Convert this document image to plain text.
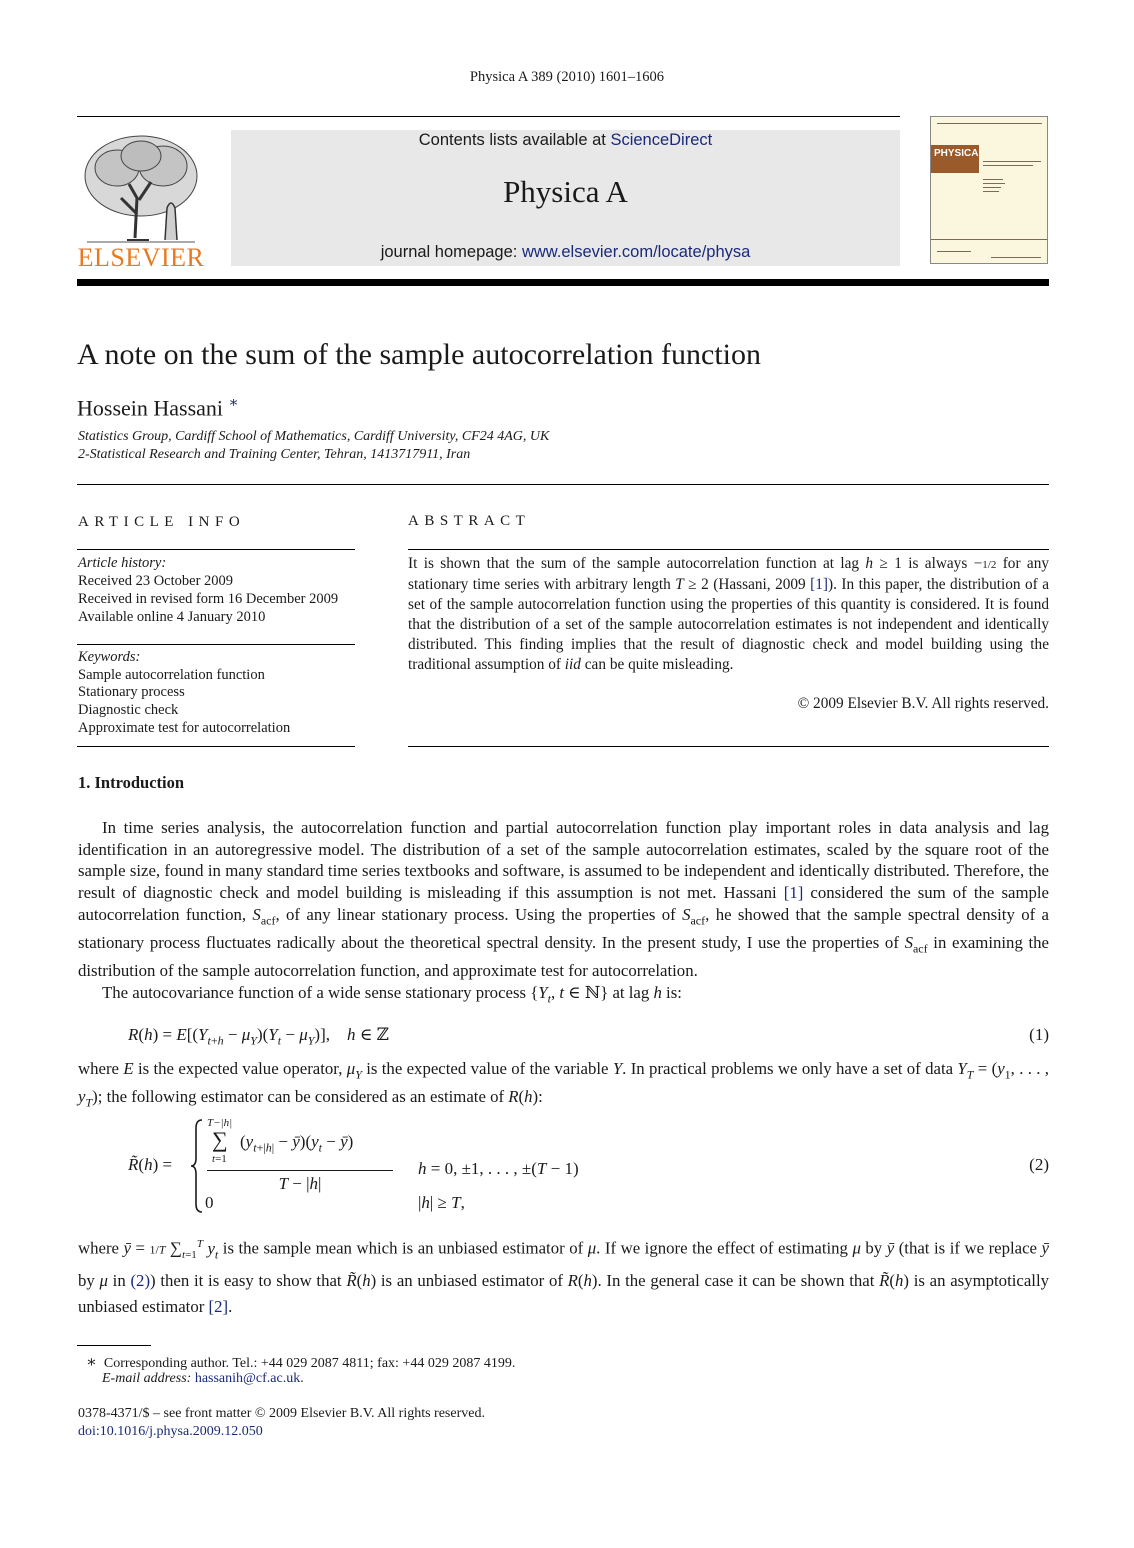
Physica A 389 (2010) 1601–1606
ELSEVIER
Contents lists available at ScienceDirect
Physica A
journal homepage: www.elsevier.com/locate/physa
PHYSICA
A note on the sum of the sample autocorrelation function
Hossein Hassani ∗
Statistics Group, Cardiff School of Mathematics, Cardiff University, CF24 4AG, UK
2-Statistical Research and Training Center, Tehran, 1413717911, Iran
ARTICLE INFO
Article history:
Received 23 October 2009
Received in revised form 16 December 2009
Available online 4 January 2010
Keywords:
Sample autocorrelation function
Stationary process
Diagnostic check
Approximate test for autocorrelation
ABSTRACT
It is shown that the sum of the sample autocorrelation function at lag h ≥ 1 is always −1/2 for any stationary time series with arbitrary length T ≥ 2 (Hassani, 2009 [1]). In this paper, the distribution of a set of the sample autocorrelation function using the properties of this quantity is considered. It is found that the distribution of a set of the sample autocorrelation estimates is not independent and identically distributed. This finding implies that the result of diagnostic check and model building using the traditional assumption of iid can be quite misleading.
© 2009 Elsevier B.V. All rights reserved.
1. Introduction

In time series analysis, the autocorrelation function and partial autocorrelation function play important roles in data analysis and lag identification in an autoregressive model. The distribution of a set of the sample autocorrelation estimates, scaled by the square root of the sample size, found in many standard time series textbooks and software, is assumed to be independent and identically distributed. Therefore, the result of diagnostic check and model building is misleading if this assumption is not met. Hassani [1] considered the sum of the sample autocorrelation function, $S_{acf}$, of any linear stationary process. Using the properties of $S_{acf}$, he showed that the sample spectral density of a stationary process fluctuates radically about the theoretical spectral density. In the present study, I use the properties of $S_{acf}$ in examining the distribution of the sample autocorrelation function, and approximate test for autocorrelation.

The autocovariance function of a wide sense stationary process {$Y_t$, t ∈ ℕ} at lag h is:

$R(h) = E[(Y_{t+h} - \mu_Y)(Y_t - \mu_Y)]$,    h ∈ ℤ	(1)
where E is the expected value operator, $\mu_Y$ is the expected value of the variable Y. In practical problems we only have a set of data $Y_T = (y_1$, . . . , $y_T$); the following estimator can be considered as an estimate of R(h):
R̃(h) =
T−|h|
∑
t=1
($y_{t+|h|}$ − $ȳ)(y_t$ − ȳ)
T − |h|
h = 0, ±1, . . . , ±(T − 1)
0	|h| ≥ T,
(2)
where ȳ = 1/T $\sum_{t=1}^T$ $y_t$ is the sample mean which is an unbiased estimator of μ. If we ignore the effect of estimating μ by ȳ (that is if we replace ȳ by μ in (2)) then it is easy to show that R̃(h) is an unbiased estimator of R(h). In the general case it can be shown that R̃(h) is an asymptotically unbiased estimator [2].
∗ Corresponding author. Tel.: +44 029 2087 4811; fax: +44 029 2087 4199.
E-mail address: hassanih@cf.ac.uk.
0378-4371/$ – see front matter © 2009 Elsevier B.V. All rights reserved.
doi:10.1016/j.physa.2009.12.050
